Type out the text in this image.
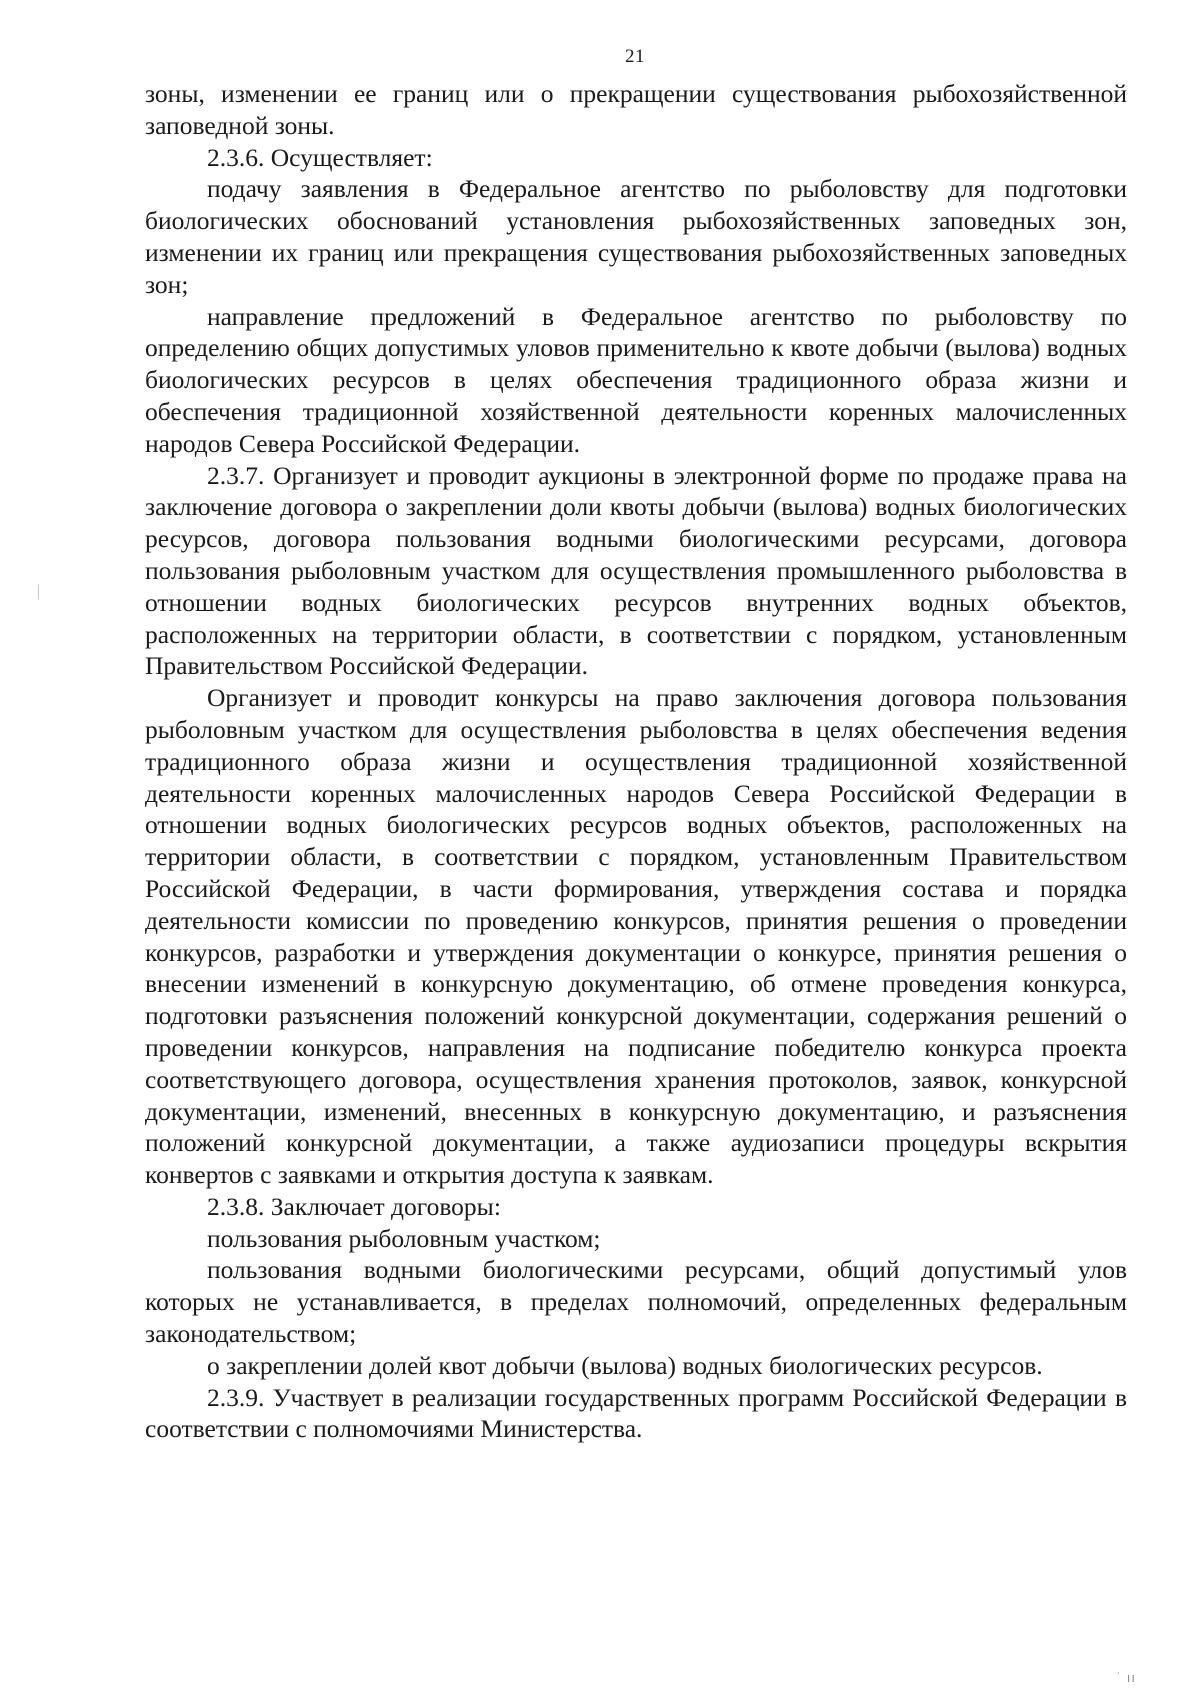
21

зоны, изменении ее границ или о прекращении существования рыбохозяйственной заповедной зоны.

2.3.6. Осуществляет:

подачу заявления в Федеральное агентство по рыболовству для подготовки биологических обоснований установления рыбохозяйственных заповедных зон, изменении их границ или прекращения существования рыбохозяйственных заповедных зон;

направление предложений в Федеральное агентство по рыболовству по определению общих допустимых уловов применительно к квоте добычи (вылова) водных биологических ресурсов в целях обеспечения традиционного образа жизни и обеспечения традиционной хозяйственной деятельности коренных малочисленных народов Севера Российской Федерации.

2.3.7. Организует и проводит аукционы в электронной форме по продаже права на заключение договора о закреплении доли квоты добычи (вылова) водных биологических ресурсов, договора пользования водными биологическими ресурсами, договора пользования рыболовным участком для осуществления промышленного рыболовства в отношении водных биологических ресурсов внутренних водных объектов, расположенных на территории области, в соответствии с порядком, установленным Правительством Российской Федерации.

Организует и проводит конкурсы на право заключения договора пользования рыболовным участком для осуществления рыболовства в целях обеспечения ведения традиционного образа жизни и осуществления традиционной хозяйственной деятельности коренных малочисленных народов Севера Российской Федерации в отношении водных биологических ресурсов водных объектов, расположенных на территории области, в соответствии с порядком, установленным Правительством Российской Федерации, в части формирования, утверждения состава и порядка деятельности комиссии по проведению конкурсов, принятия решения о проведении конкурсов, разработки и утверждения документации о конкурсе, принятия решения о внесении изменений в конкурсную документацию, об отмене проведения конкурса, подготовки разъяснения положений конкурсной документации, содержания решений о проведении конкурсов, направления на подписание победителю конкурса проекта соответствующего договора, осуществления хранения протоколов, заявок, конкурсной документации, изменений, внесенных в конкурсную документацию, и разъяснения положений конкурсной документации, а также аудиозаписи процедуры вскрытия конвертов с заявками и открытия доступа к заявкам.

2.3.8. Заключает договоры:

пользования рыболовным участком;

пользования водными биологическими ресурсами, общий допустимый улов которых не устанавливается, в пределах полномочий, определенных федеральным законодательством;

о закреплении долей квот добычи (вылова) водных биологических ресурсов.

2.3.9. Участвует в реализации государственных программ Российской Федерации в соответствии с полномочиями Министерства.

˙ ıı
